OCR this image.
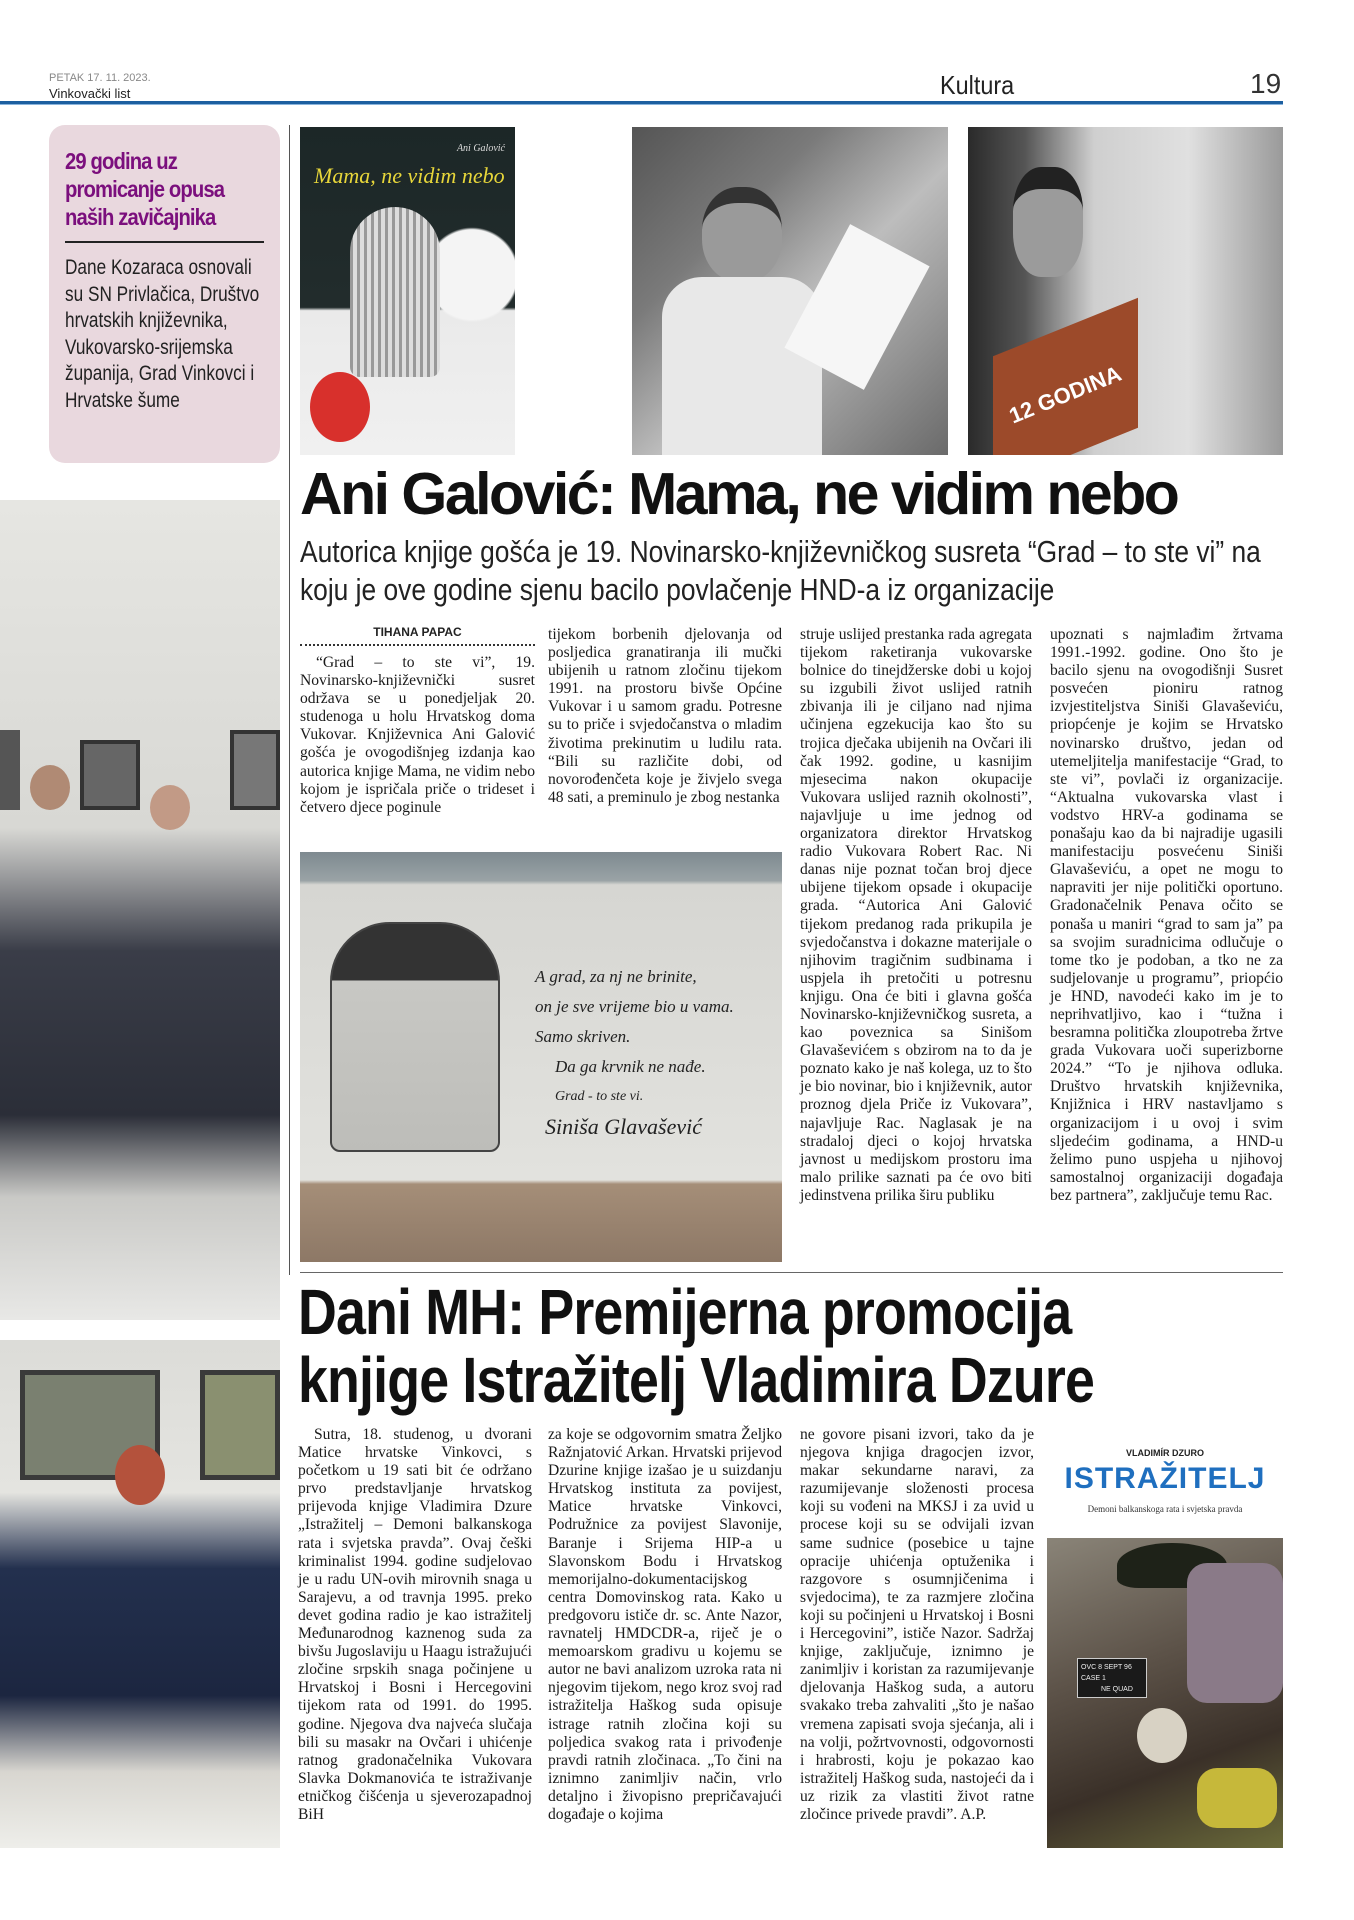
PETAK 17. 11. 2023.
Vinkovački list	Kultura	19
29 godina uz promicanje opusa naših zavičajnika
Dane Kozaraca osnovali su SN Privlačica, Društvo hrvatskih književnika, Vukovarsko-srijemska županija, Grad Vinkovci i Hrvatske šume
Ani Galović
Mama, ne vidim nebo
12 GODINA
Ani Galović: Mama, ne vidim nebo
Autorica knjige gošća je 19. Novinarsko-književničkog susreta “Grad – to ste vi” na koju je ove godine sjenu bacilo povlačenje HND-a iz organizacije
TIHANA PAPAC

“Grad – to ste vi”, 19. Novinarsko-književnički susret održava se u ponedjeljak 20. studenoga u holu Hrvatskog doma Vukovar. Književnica Ani Galović gošća je ovogodišnjeg izdanja kao autorica knjige Mama, ne vidim nebo kojom je ispričala priče o trideset i četvero djece poginule

tijekom borbenih djelovanja od posljedica granatiranja ili mučki ubijenih u ratnom zločinu tijekom 1991. na prostoru bivše Općine Vukovar i u samom gradu. Potresne su to priče i svjedočanstva o mladim životima prekinutim u ludilu rata. “Bili su različite dobi, od novorođenčeta koje je živjelo svega 48 sati, a preminulo je zbog nestanka
struje uslijed prestanka rada agregata tijekom raketiranja vukovarske bolnice do tinejdžerske dobi u kojoj su izgubili život uslijed ratnih zbivanja ili je ciljano nad njima učinjena egzekucija kao što su trojica dječaka ubijenih na Ovčari ili čak 1992. godine, u kasnijim mjesecima nakon okupacije Vukovara uslijed raznih okolnosti”, najavljuje u ime jednog od organizatora direktor Hrvatskog radio Vukovara Robert Rac. Ni danas nije poznat točan broj djece ubijene tijekom opsade i okupacije grada. “Autorica Ani Galović tijekom predanog rada prikupila je svjedočanstva i dokazne materijale o njihovim tragičnim sudbinama i uspjela ih pretočiti u potresnu knjigu. Ona će biti i glavna gošća Novinarsko-književničkog susreta, a kao poveznica sa Sinišom Glavaševićem s obzirom na to da je poznato kako je naš kolega, uz to što je bio novinar, bio i književnik, autor proznog djela Priče iz Vukovara”, najavljuje Rac. Naglasak je na stradaloj djeci o kojoj hrvatska javnost u medijskom prostoru ima malo prilike saznati pa će ovo biti jedinstvena prilika širu publiku
upoznati s najmlađim žrtvama 1991.-1992. godine. Ono što je bacilo sjenu na ovogodišnji Susret posvećen pioniru ratnog izvjestiteljstva Siniši Glavaševiću, priopćenje je kojim se Hrvatsko novinarsko društvo, jedan od utemeljitelja manifestacije “Grad, to ste vi”, povlači iz organizacije. “Aktualna vukovarska vlast i vodstvo HRV-a godinama se ponašaju kao da bi najradije ugasili manifestaciju posvećenu Siniši Glavaševiću, a opet ne mogu to napraviti jer nije politički oportuno. Gradonačelnik Penava očito se ponaša u maniri “grad to sam ja” pa sa svojim suradnicima odlučuje o tome tko je podoban, a tko ne za sudjelovanje u programu”, priopćio je HND, navodeći kako im je to neprihvatljivo, kao i “tužna i besramna politička zloupotreba žrtve grada Vukovara uoči superizborne 2024.” “To je njihova odluka. Društvo hrvatskih književnika, Knjižnica i HRV nastavljamo s organizacijom i u ovoj i svim sljedećim godinama, a HND-u želimo puno uspjeha u njihovoj samostalnoj organizaciji događaja bez partnera”, zaključuje temu Rac.
A grad, za nj ne brinite,
on je sve vrijeme bio u vama.
Samo skriven.
Da ga krvnik ne nađe.
Grad - to ste vi.
Siniša Glavašević
Dani MH: Premijerna promocija
knjige Istražitelj Vladimira Dzure

Sutra, 18. studenog, u dvorani Matice hrvatske Vinkovci, s početkom u 19 sati bit će održano prvo predstavljanje hrvatskog prijevoda knjige Vladimira Dzure „Istražitelj – Demoni balkanskoga rata i svjetska pravda”. Ovaj češki kriminalist 1994. godine sudjelovao je u radu UN-ovih mirovnih snaga u Sarajevu, a od travnja 1995. preko devet godina radio je kao istražitelj Međunarodnog kaznenog suda za bivšu Jugoslaviju u Haagu istražujući zločine srpskih snaga počinjene u Hrvatskoj i Bosni i Hercegovini tijekom rata od 1991. do 1995. godine. Njegova dva najveća slučaja bili su masakr na Ovčari i uhićenje ratnog gradonačelnika Vukovara Slavka Dokmanovića te istraživanje etničkog čišćenja u sjeverozapadnoj BiH

za koje se odgovornim smatra Željko Ražnjatović Arkan. Hrvatski prijevod Dzurine knjige izašao je u suizdanju Hrvatskog instituta za povijest, Matice hrvatske Vinkovci, Podružnice za povijest Slavonije, Baranje i Srijema HIP-a u Slavonskom Bodu i Hrvatskog memorijalno-dokumentacijskog centra Domovinskog rata. Kako u predgovoru ističe dr. sc. Ante Nazor, ravnatelj HMDCDR-a, riječ je o memoarskom gradivu u kojemu se autor ne bavi analizom uzroka rata ni njegovim tijekom, nego kroz svoj rad istražitelja Haškog suda opisuje istrage ratnih zločina koji su poljedica svakog rata i privođenje pravdi ratnih zločinaca. „To čini na iznimno zanimljiv način, vrlo detaljno i živopisno prepričavajući događaje o kojima
ne govore pisani izvori, tako da je njegova knjiga dragocjen izvor, makar sekundarne naravi, za razumijevanje složenosti procesa koji su vođeni na MKSJ i za uvid u procese koji su se odvijali izvan same sudnice (posebice u tajne opracije uhićenja optuženika i razgovore s osumnjičenima i svjedocima), te za razmjere zločina koji su počinjeni u Hrvatskoj i Bosni i Hercegovini”, ističe Nazor. Sadržaj knjige, zaključuje, iznimno je zanimljiv i koristan za razumijevanje djelovanja Haškog suda, a autoru svakako treba zahvaliti „što je našao vremena zapisati svoja sjećanja, ali i na volji, požrtvovnosti, odgovornosti i hrabrosti, koju je pokazao kao istražitelj Haškog suda, nastojeći da i uz rizik za vlastiti život ratne zločince privede pravdi”. A.P.
VLADIMÍR DZURO
ISTRAŽITELJ
Demoni balkanskoga rata i svjetska pravda
OVC 8 SEPT 96
CASE 1
NE QUAD
